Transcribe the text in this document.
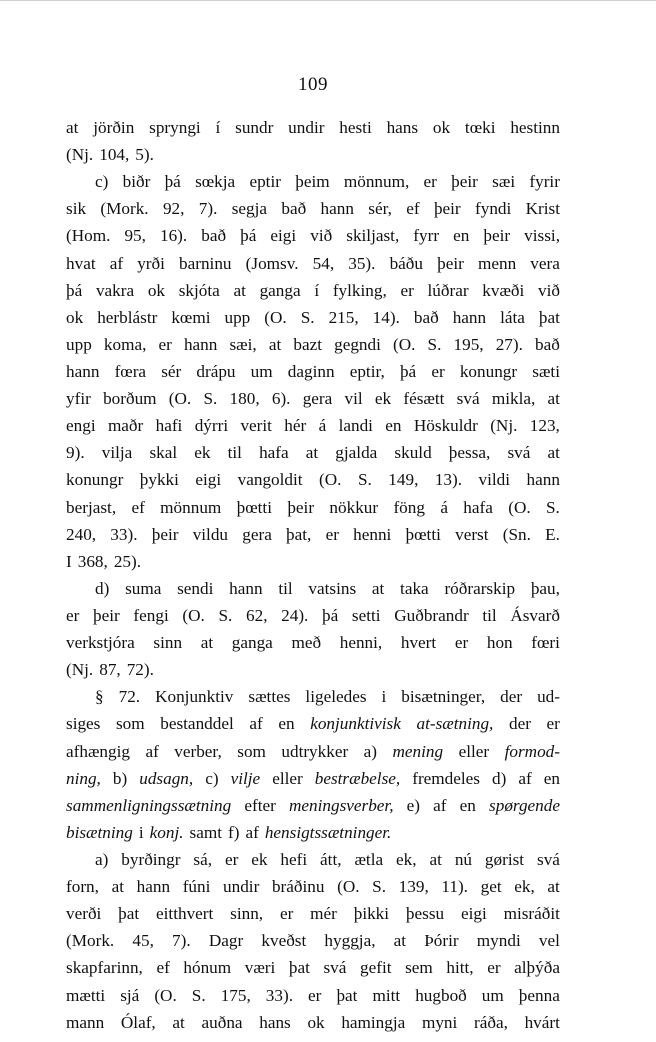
109
at jörðin spryngi í sundr undir hesti hans ok tœki hestinn
(Nj. 104, 5).
c) biðr þá sœkja eptir þeim mönnum, er þeir sæi fyrir
sik (Mork. 92, 7). segja bað hann sér, ef þeir fyndi Krist
(Hom. 95, 16). bað þá eigi við skiljast, fyrr en þeir vissi,
hvat af yrði barninu (Jomsv. 54, 35). báðu þeir menn vera
þá vakra ok skjóta at ganga í fylking, er lúðrar kvæði við
ok herblástr kœmi upp (O. S. 215, 14). bað hann láta þat
upp koma, er hann sæi, at bazt gegndi (O. S. 195, 27). bað
hann fœra sér drápu um daginn eptir, þá er konungr sæti
yfir borðum (O. S. 180, 6). gera vil ek fésætt svá mikla, at
engi maðr hafi dýrri verit hér á landi en Höskuldr (Nj. 123,
9). vilja skal ek til hafa at gjalda skuld þessa, svá at
konungr þykki eigi vangoldit (O. S. 149, 13). vildi hann
berjast, ef mönnum þœtti þeir nökkur föng á hafa (O. S.
240, 33). þeir vildu gera þat, er henni þœtti verst (Sn. E.
I 368, 25).
d) suma sendi hann til vatsins at taka róðrarskip þau,
er þeir fengi (O. S. 62, 24). þá setti Guðbrandr til Ásvarð
verkstjóra sinn at ganga með henni, hvert er hon fœri
(Nj. 87, 72).
§ 72. Konjunktiv sættes ligeledes i bisætninger, der ud-
siges som bestanddel af en konjunktivisk at-sætning, der er
afhængig af verber, som udtrykker a) mening eller formod-
ning, b) udsagn, c) vilje eller bestræbelse, fremdeles d) af en
sammenligningssætning efter meningsverber, e) af en spørgende
bisætning i konj. samt f) af hensigtssætninger.
a) byrðingr sá, er ek hefi átt, ætla ek, at nú gørist svá
forn, at hann fúni undir bráðinu (O. S. 139, 11). get ek, at
verði þat eitthvert sinn, er mér þikki þessu eigi misráðit
(Mork. 45, 7). Dagr kveðst hyggja, at Þórir myndi vel
skapfarinn, ef hónum væri þat svá gefit sem hitt, er alþýða
mætti sjá (O. S. 175, 33). er þat mitt hugboð um þenna
mann Ólaf, at auðna hans ok hamingja myni ráða, hvárt
